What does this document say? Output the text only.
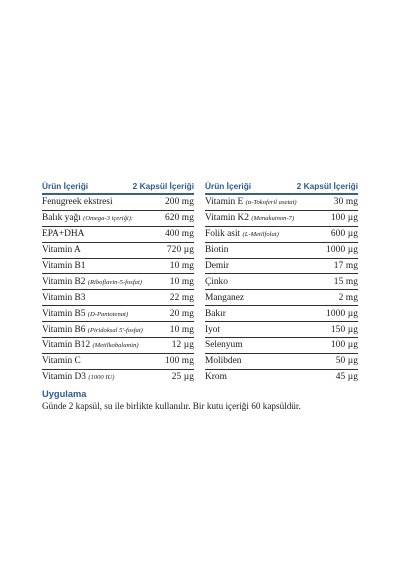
Ürün İçeriği	2 Kapsül İçeriği
Fenugreek ekstresi	200 mg
Balık yağı (Omega-3 içeriği):	620 mg
EPA+DHA	400 mg
Vitamin A	720 µg
Vitamin B1	10 mg
Vitamin B2 (Riboflavin-5-fosfat)	10 mg
Vitamin B3	22 mg
Vitamin B5 (D-Pantotenat)	20 mg
Vitamin B6 (Piridoksal 5'-fosfat)	10 mg
Vitamin B12 (Metilkobalamin)	12 µg
Vitamin C	100 mg
Vitamin D3 (1000 IU)	25 µg
Ürün İçeriği	2 Kapsül İçeriği
Vitamin E (α-Tokoferil asetat)	30 mg
Vitamin K2 (Menakuinon-7)	100 µg
Folik asit (L-Metilfolat)	600 µg
Biotin	1000 µg
Demir	17 mg
Çinko	15 mg
Manganez	2 mg
Bakır	1000 µg
İyot	150 µg
Selenyum	100 µg
Molibden	50 µg
Krom	45 µg

Uygulama

Günde 2 kapsül, su ile birlikte kullanılır. Bir kutu içeriği 60 kapsüldür.
